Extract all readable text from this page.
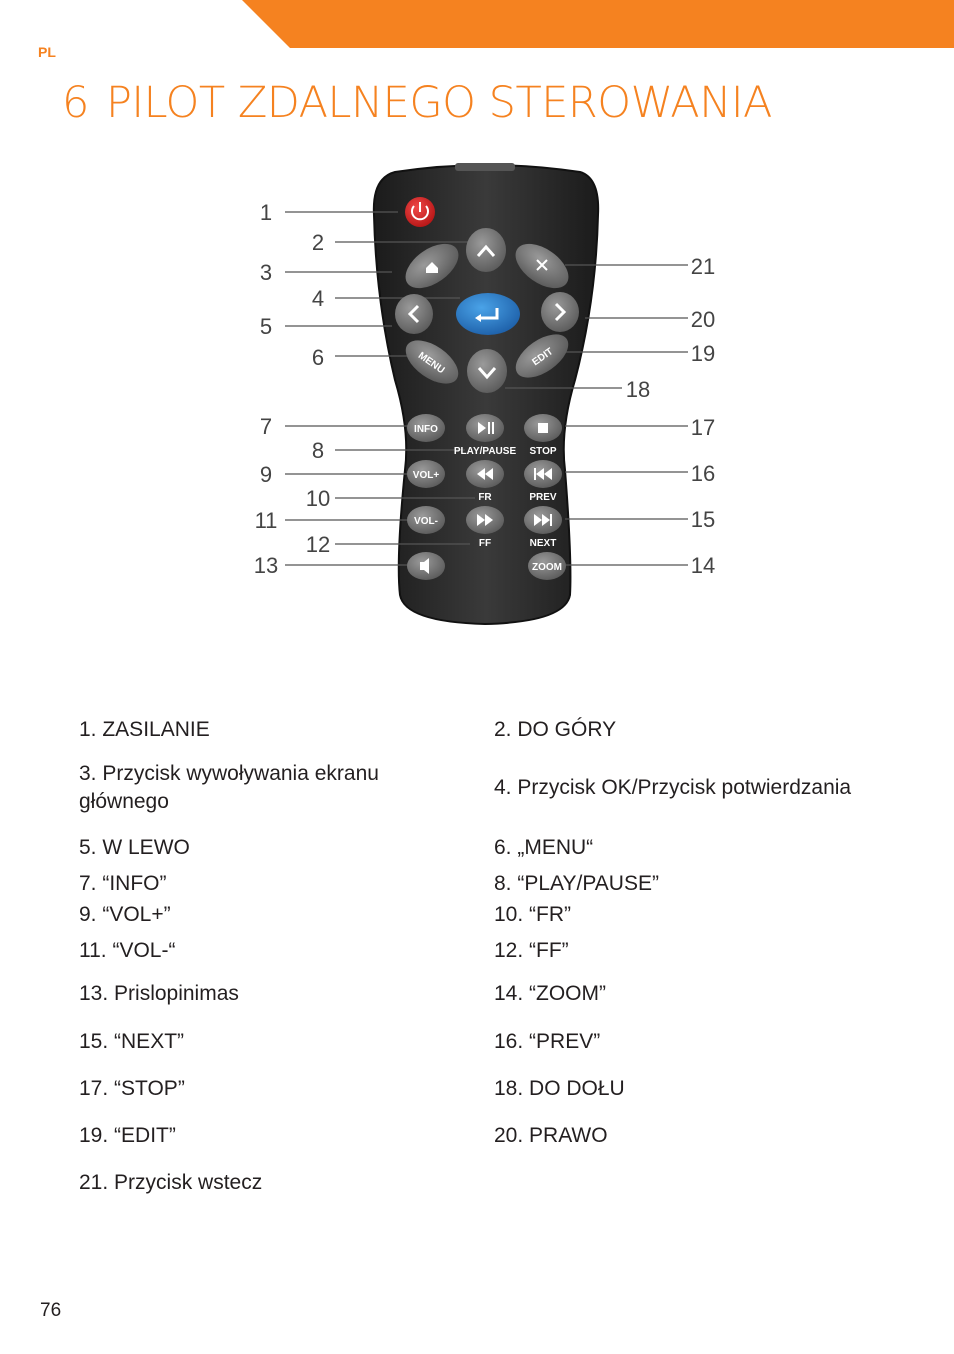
PL
6 PILOT ZDALNEGO STEROWANIA
MENU	EDIT
INFO
PLAY/PAUSE STOP
VOL+
FR	PREV
VOL-
FF	NEXT
ZOOM
1
2
3
4
5
6
7
8
9
10
11
12
13	14
15
16
17
18
19
20
21
1. ZASILANIE	2. DO GÓRY
3. Przycisk wywoływania ekranu głównego
4. Przycisk OK/Przycisk potwierdzania
5. W LEWO	6. „MENU“
7. “INFO”	8. “PLAY/PAUSE”
9. “VOL+”	10. “FR”
11. “VOL-“	12. “FF”
13. Prislopinimas	14. “ZOOM”
15. “NEXT”	16. “PREV”
17. “STOP”	18. DO DOŁU
19. “EDIT”	20. PRAWO
21. Przycisk wstecz
76
